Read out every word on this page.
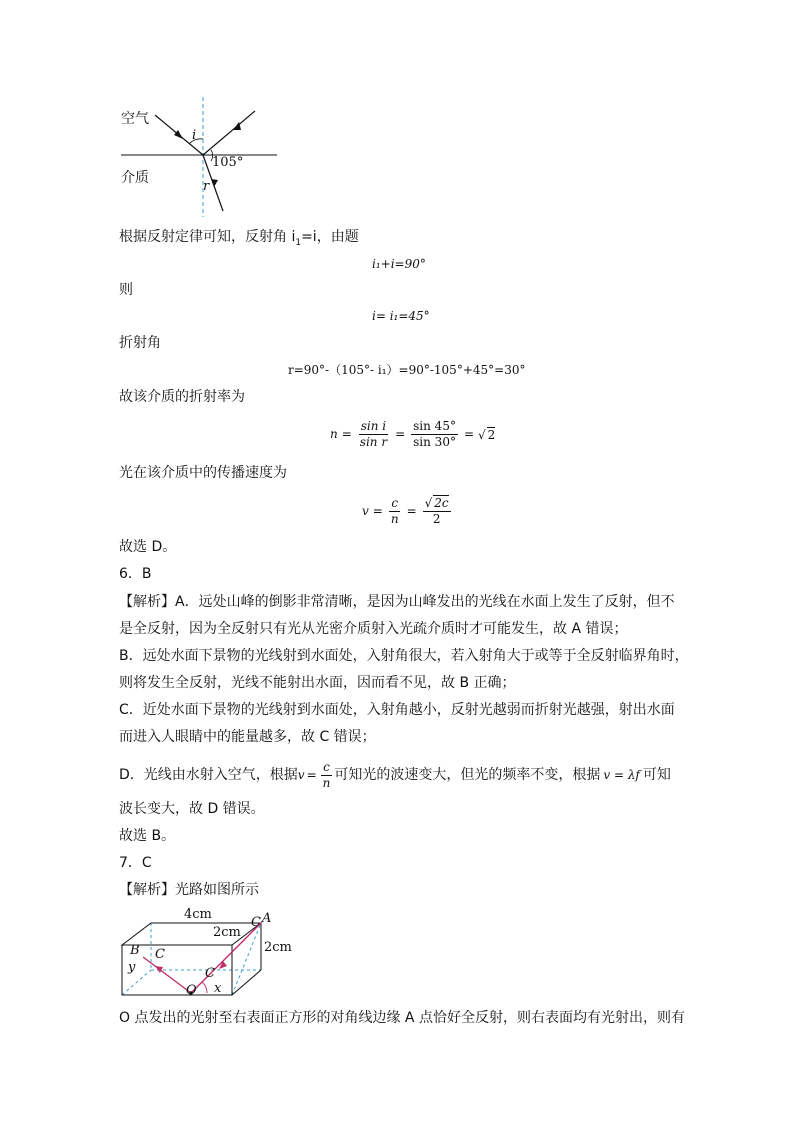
空气
介质
i
105°
r
根据反射定律可知，反射角 $i_1=i$，由题
i₁+i=90°
则
i= i₁=45°
折射角
r=90°-（105°- i₁）=90°-105°+45°=30°
故该介质的折射率为
$n = \frac{\text{sin i}}{\text{sin r}} = \frac{\sin 45^\circ}{\sin 30^\circ}$ = √ 2
光在该介质中的传播速度为
$v = \frac{c}{n} = \frac{√ 2c}{2}$
故选 D。
6．B
【解析】A．远处山峰的倒影非常清晰，是因为山峰发出的光线在水面上发生了反射，但不
是全反射，因为全反射只有光从光密介质射入光疏介质时才可能发生，故 A 错误；
B．远处水面下景物的光线射到水面处，入射角很大，若入射角大于或等于全反射临界角时，
则将发生全反射，光线不能射出水面，因而看不见，故 B 正确；
C．近处水面下景物的光线射到水面处，入射角越小，反射光越弱而折射光越强，射出水面
而进入人眼睛中的能量越多，故 C 错误；
D．光线由水射入空气，根据 $v = \frac{c}{n}$ 可知光的波速变大，但光的频率不变，根据 v = λf 可知
波长变大，故 D 错误。
故选 B。
7．C
【解析】光路如图所示
4cm
2cm
C A
2cm
B C
y	C
O x
O 点发出的光射至右表面正方形的对角线边缘 A 点恰好全反射，则右表面均有光射出，则有
